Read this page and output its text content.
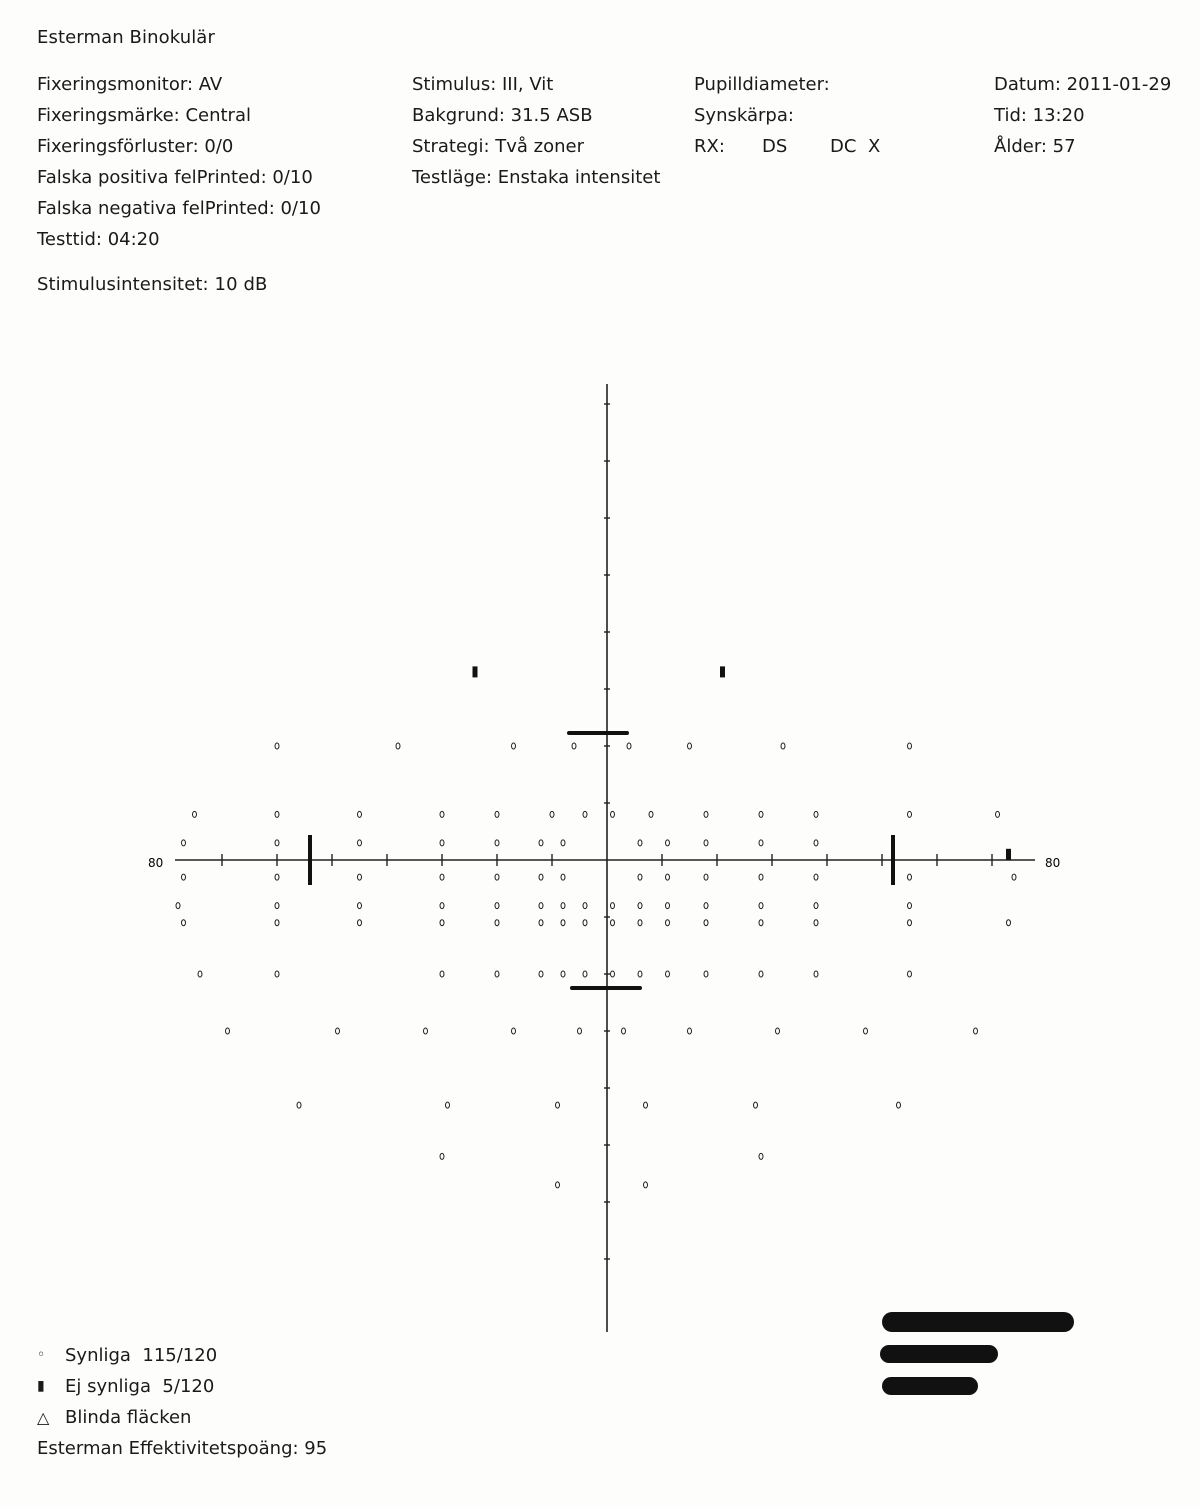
Esterman Binokulär
Fixeringsmonitor: AV
Fixeringsmärke: Central
Fixeringsförluster: 0/0
Falska positiva felPrinted: 0/10
Falska negativa felPrinted: 0/10
Testtid: 04:20
Stimulus: III, Vit
Bakgrund: 31.5 ASB
Strategi: Två zoner
Testläge: Enstaka intensitet
Pupilldiameter:
Synskärpa:
RX: DS DC X
Datum: 2011-01-29
Tid: 13:20
Ålder: 57
Stimulusintensitet: 10 dB
80	80
◦	Synliga  115/120
▮	Ej synliga  5/120
△ Blinda fläcken
Esterman Effektivitetspoäng: 95
